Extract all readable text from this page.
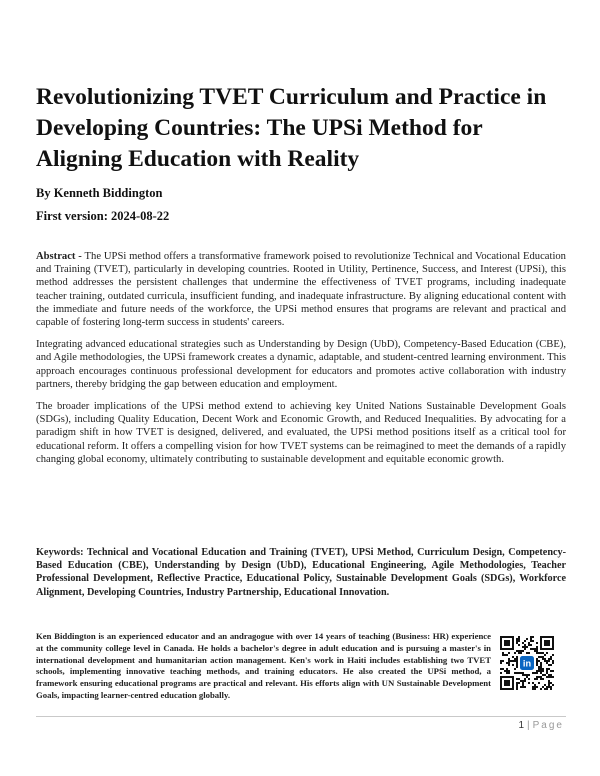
Revolutionizing TVET Curriculum and Practice in Developing Countries: The UPSi Method for Aligning Education with Reality
By Kenneth Biddington
First version: 2024-08-22

Abstract - The UPSi method offers a transformative framework poised to revolutionize Technical and Vocational Education and Training (TVET), particularly in developing countries. Rooted in Utility, Pertinence, Success, and Interest (UPSi), this method addresses the persistent challenges that undermine the effectiveness of TVET programs, including inadequate teacher training, outdated curricula, insufficient funding, and inadequate infrastructure. By aligning educational content with the immediate and future needs of the workforce, the UPSi method ensures that programs are relevant and practical and capable of fostering long-term success in students' careers.

Integrating advanced educational strategies such as Understanding by Design (UbD), Competency-Based Education (CBE), and Agile methodologies, the UPSi framework creates a dynamic, adaptable, and student-centred learning environment. This approach encourages continuous professional development for educators and promotes active collaboration with industry partners, thereby bridging the gap between education and employment.

The broader implications of the UPSi method extend to achieving key United Nations Sustainable Development Goals (SDGs), including Quality Education, Decent Work and Economic Growth, and Reduced Inequalities. By advocating for a paradigm shift in how TVET is designed, delivered, and evaluated, the UPSi method positions itself as a critical tool for educational reform. It offers a compelling vision for how TVET systems can be reimagined to meet the demands of a rapidly changing global economy, ultimately contributing to sustainable development and equitable economic growth.

Keywords: Technical and Vocational Education and Training (TVET), UPSi Method, Curriculum Design, Competency-Based Education (CBE), Understanding by Design (UbD), Educational Engineering, Agile Methodologies, Teacher Professional Development, Reflective Practice, Educational Policy, Sustainable Development Goals (SDGs), Workforce Alignment, Developing Countries, Industry Partnership, Educational Innovation.
Ken Biddington is an experienced educator and an andragogue with over 14 years of teaching (Business: HR) experience at the community college level in Canada. He holds a bachelor's degree in adult education and is pursuing a master's in international development and humanitarian action management. Ken's work in Haiti includes establishing two TVET schools, implementing innovative teaching methods, and training educators. He also created the UPSi method, a framework ensuring educational programs are practical and relevant. His efforts align with UN Sustainable Development Goals, impacting learner-centred education globally.
in
1 | Page
